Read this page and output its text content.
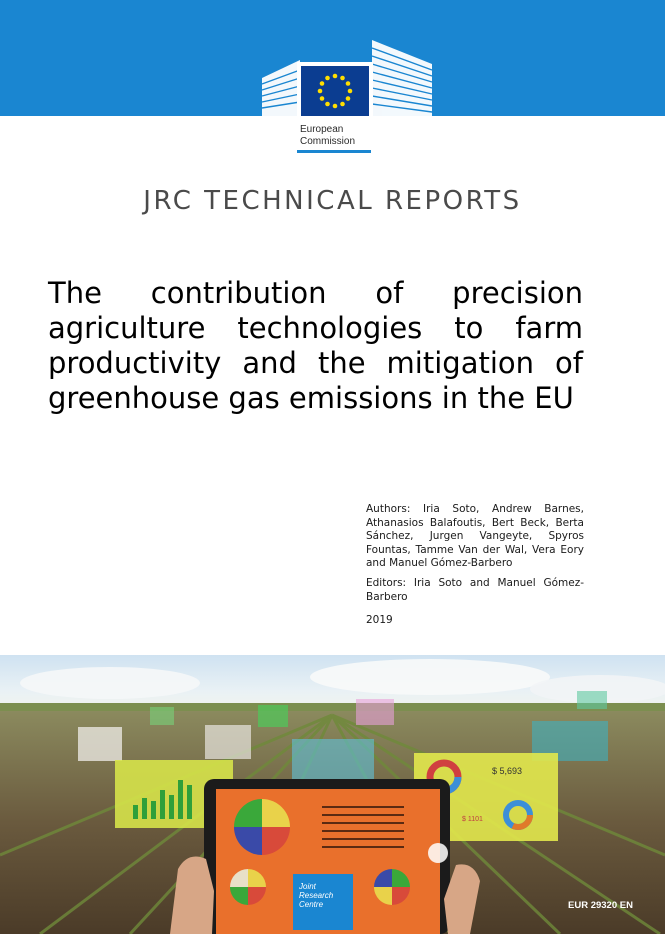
European
Commission
JRC TECHNICAL REPORTS
The contribution of precision agriculture technologies to farm productivity and the mitigation of greenhouse gas emissions in the EU

Authors: Iria Soto, Andrew Barnes, Athanasios Balafoutis, Bert Beck, Berta Sánchez, Jurgen Vangeyte, Spyros Fountas, Tamme Van der Wal, Vera Eory and Manuel Gómez-Barbero

Editors: Iria Soto and Manuel Gómez-Barbero

2019

$ 5,693
$ 1101
Joint
Research
Centre	EUR 29320 EN
